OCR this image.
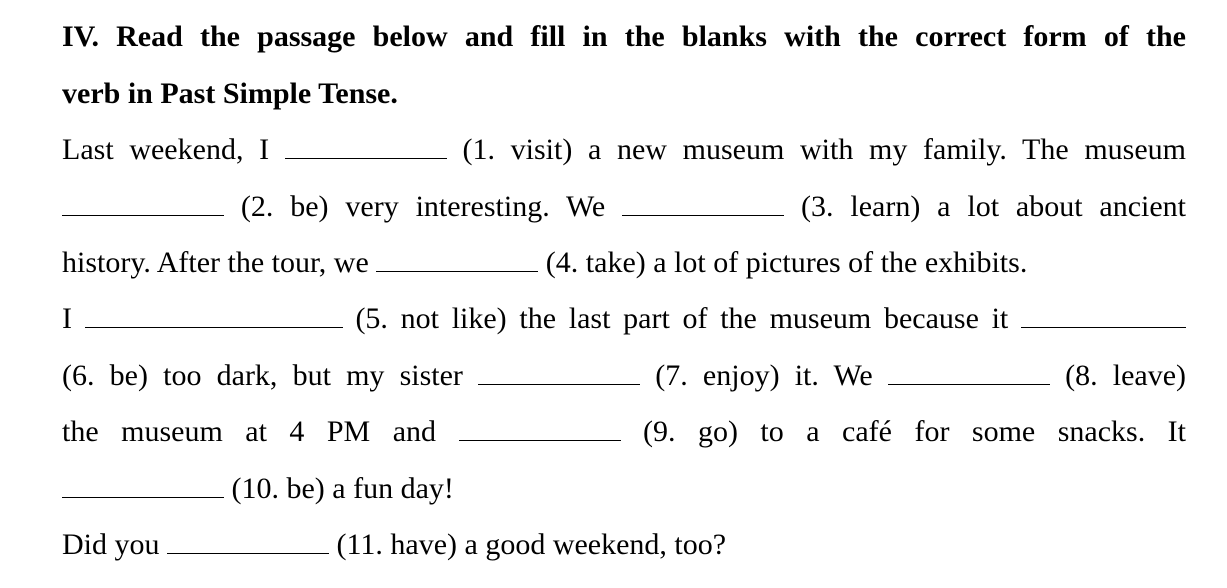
IV. Read the passage below and fill in the blanks with the correct form of the
verb in Past Simple Tense.
Last weekend, I	(1. visit) a new museum with my family. The museum
(2. be) very interesting. We	(3. learn) a lot about ancient
history. After the tour, we	(4. take) a lot of pictures of the exhibits.
I	(5. not like) the last part of the museum because it
(6. be) too dark, but my sister	(7. enjoy) it. We	(8. leave)
the museum at 4 PM and	(9. go) to a café for some snacks. It
(10. be) a fun day!
Did you	(11. have) a good weekend, too?
